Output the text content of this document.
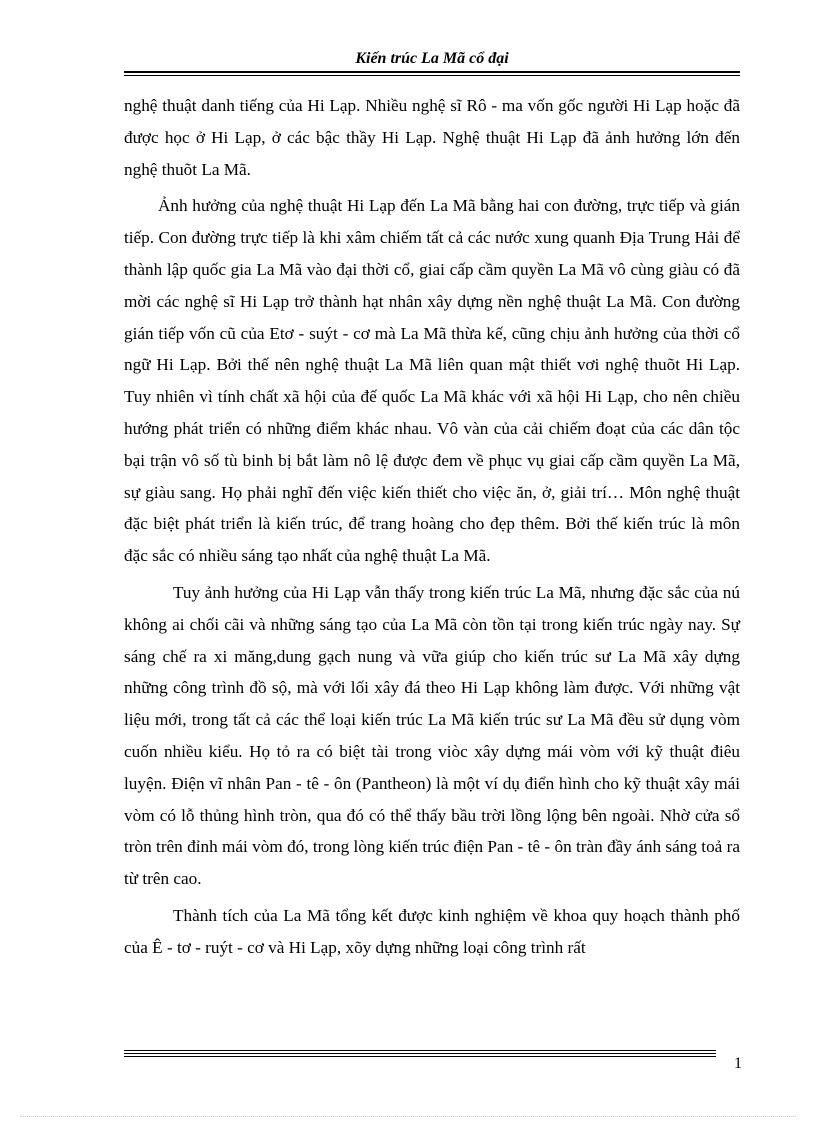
Kiến trúc La Mã cổ đại

nghệ thuật danh tiếng của Hi Lạp. Nhiều nghệ sĩ Rô - ma vốn gốc người Hi Lạp hoặc đã được học ở Hi Lạp, ở các bậc thầy Hi Lạp. Nghệ thuật Hi Lạp đã ảnh hưởng lớn đến nghệ thuõt La Mã.

Ảnh hưởng của nghệ thuật Hi Lạp đến La Mã bằng hai con đường, trực tiếp và gián tiếp. Con đường trực tiếp là khi xâm chiếm tất cả các nước xung quanh Địa Trung Hải để thành lập quốc gia La Mã vào đại thời cổ, giai cấp cầm quyền La Mã vô cùng giàu có đã mời các nghệ sĩ Hi Lạp trở thành hạt nhân xây dựng nền nghệ thuật La Mã. Con đường gián tiếp vốn cũ của Etơ - suýt - cơ mà La Mã thừa kế, cũng chịu ảnh hưởng của thời cổ ngữ Hi Lạp. Bởi thế nên nghệ thuật La Mã liên quan mật thiết vơi nghệ thuõt Hi Lạp. Tuy nhiên vì tính chất xã hội của đế quốc La Mã khác với xã hội Hi Lạp, cho nên chiều hướng phát triển có những điểm khác nhau. Vô vàn của cải chiếm đoạt của các dân tộc bại trận vô số tù binh bị bắt làm nô lệ được đem về phục vụ giai cấp cầm quyền La Mã, sự giàu sang. Họ phải nghĩ đến việc kiến thiết cho việc ăn, ở, giải trí… Môn nghệ thuật đặc biệt phát triển là kiến trúc, để trang hoàng cho đẹp thêm. Bởi thế kiến trúc là môn đặc sắc có nhiều sáng tạo nhất của nghệ thuật La Mã.

Tuy ảnh hưởng của Hi Lạp vẫn thấy trong kiến trúc La Mã, nhưng đặc sắc của nú không ai chối cãi và những sáng tạo của La Mã còn tồn tại trong kiến trúc ngày nay. Sự sáng chế ra xi măng,dung gạch nung và vữa giúp cho kiến trúc sư La Mã xây dựng những công trình đồ sộ, mà với lối xây đá theo Hi Lạp không làm được. Với những vật liệu mới, trong tất cả các thể loại kiến trúc La Mã kiến trúc sư La Mã đều sử dụng vòm cuốn nhiều kiểu. Họ tỏ ra có biệt tài trong viòc xây dựng mái vòm với kỹ thuật điêu luyện. Điện vĩ nhân Pan - tê - ôn (Pantheon) là một ví dụ điển hình cho kỹ thuật xây mái vòm có lỗ thủng hình tròn, qua đó có thể thấy bầu trời lồng lộng bên ngoài. Nhờ cửa sổ tròn trên đỉnh mái vòm đó, trong lòng kiến trúc điện Pan - tê - ôn tràn đầy ánh sáng toả ra từ trên cao.

Thành tích của La Mã tổng kết được kinh nghiệm về khoa quy hoạch thành phố của Ê - tơ - ruýt - cơ và Hi Lạp, xõy dựng những loại công trình rất

1
